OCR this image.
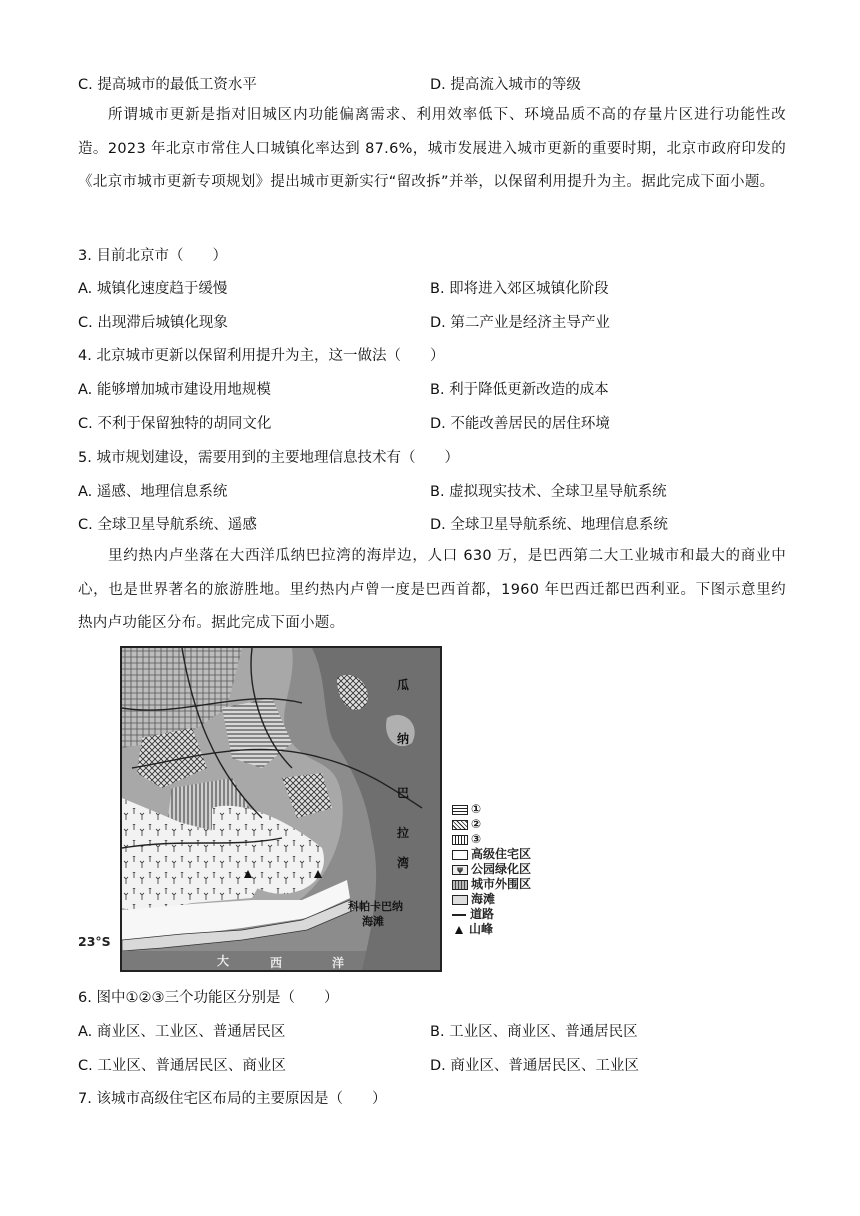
C. 提高城市的最低工资水平	D. 提高流入城市的等级
所谓城市更新是指对旧城区内功能偏离需求、利用效率低下、环境品质不高的存量片区进行功能性改造。2023 年北京市常住人口城镇化率达到 87.6%，城市发展进入城市更新的重要时期，北京市政府印发的《北京市城市更新专项规划》提出城市更新实行“留改拆”并举，以保留利用提升为主。据此完成下面小题。
3. 目前北京市（　　）
A. 城镇化速度趋于缓慢	B. 即将进入郊区城镇化阶段
C. 出现滞后城镇化现象	D. 第二产业是经济主导产业
4. 北京城市更新以保留利用提升为主，这一做法（　　）
A. 能够增加城市建设用地规模	B. 利于降低更新改造的成本
C. 不利于保留独特的胡同文化	D. 不能改善居民的居住环境
5. 城市规划建设，需要用到的主要地理信息技术有（　　）
A. 遥感、地理信息系统	B. 虚拟现实技术、全球卫星导航系统
C. 全球卫星导航系统、遥感	D. 全球卫星导航系统、地理信息系统
里约热内卢坐落在大西洋瓜纳巴拉湾的海岸边，人口 630 万，是巴西第二大工业城市和最大的商业中心，也是世界著名的旅游胜地。里约热内卢曾一度是巴西首都，1960 年巴西迁都巴西利亚。下图示意里约热内卢功能区分布。据此完成下面小题。
23°S
瓜
纳
巴
拉
湾
科帕卡巴纳
海滩
大	西	洋
①
②
③
高级住宅区
ψ 公园绿化区
城市外围区
海滩
道路
山峰
6. 图中①②③三个功能区分别是（　　）
A. 商业区、工业区、普通居民区	B. 工业区、商业区、普通居民区
C. 工业区、普通居民区、商业区	D. 商业区、普通居民区、工业区
7. 该城市高级住宅区布局的主要原因是（　　）
